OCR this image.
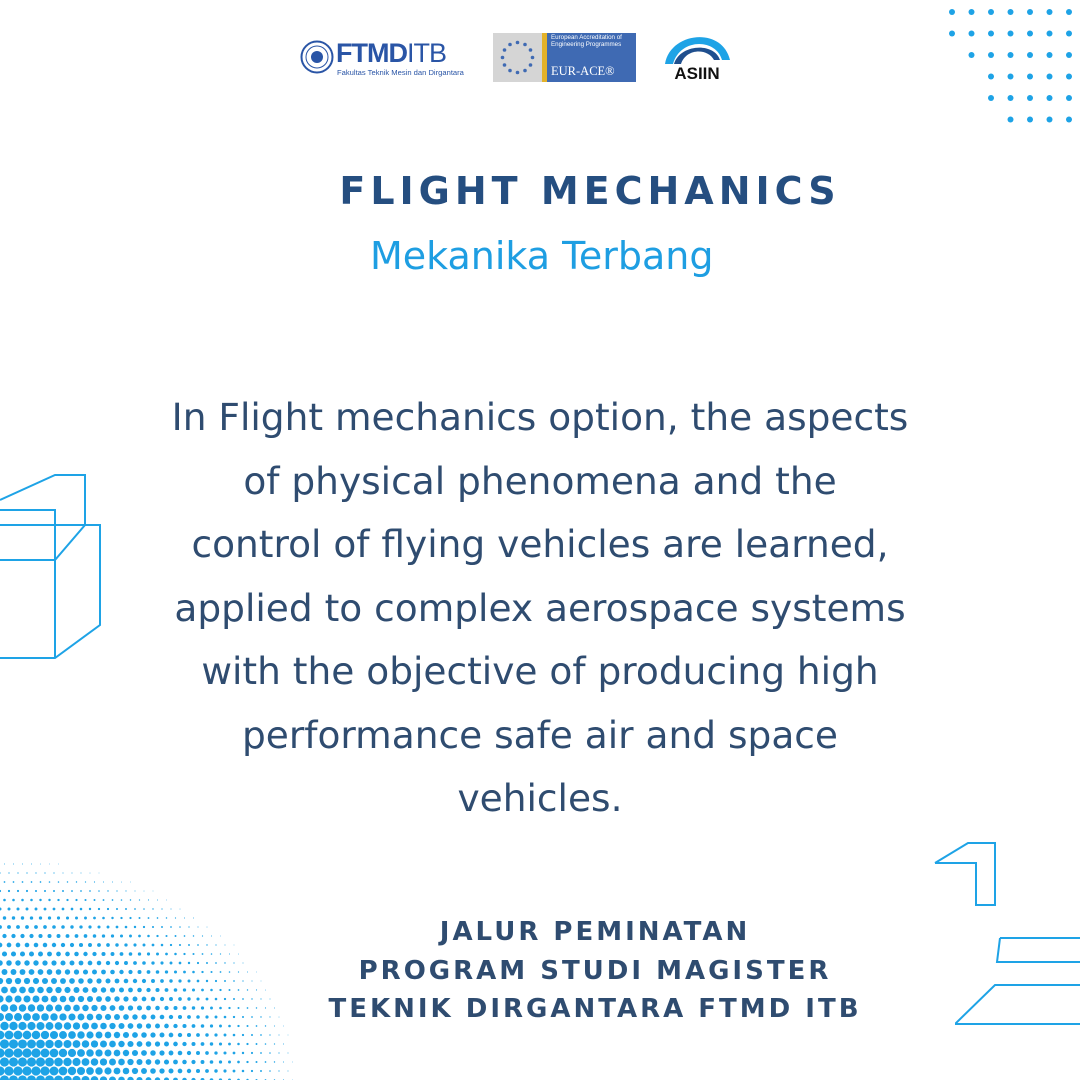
FTMDITB
Fakultas Teknik Mesin dan Dirgantara
European Accreditation of Engineering Programmes
EUR-ACE®	ASIIN
FLIGHT MECHANICS
Mekanika Terbang
In Flight mechanics option, the aspects
of physical phenomena and the
control of flying vehicles are learned,
applied to complex aerospace systems
with the objective of producing high
performance safe air and space
vehicles.
JALUR PEMINATAN
PROGRAM STUDI MAGISTER
TEKNIK DIRGANTARA FTMD ITB
